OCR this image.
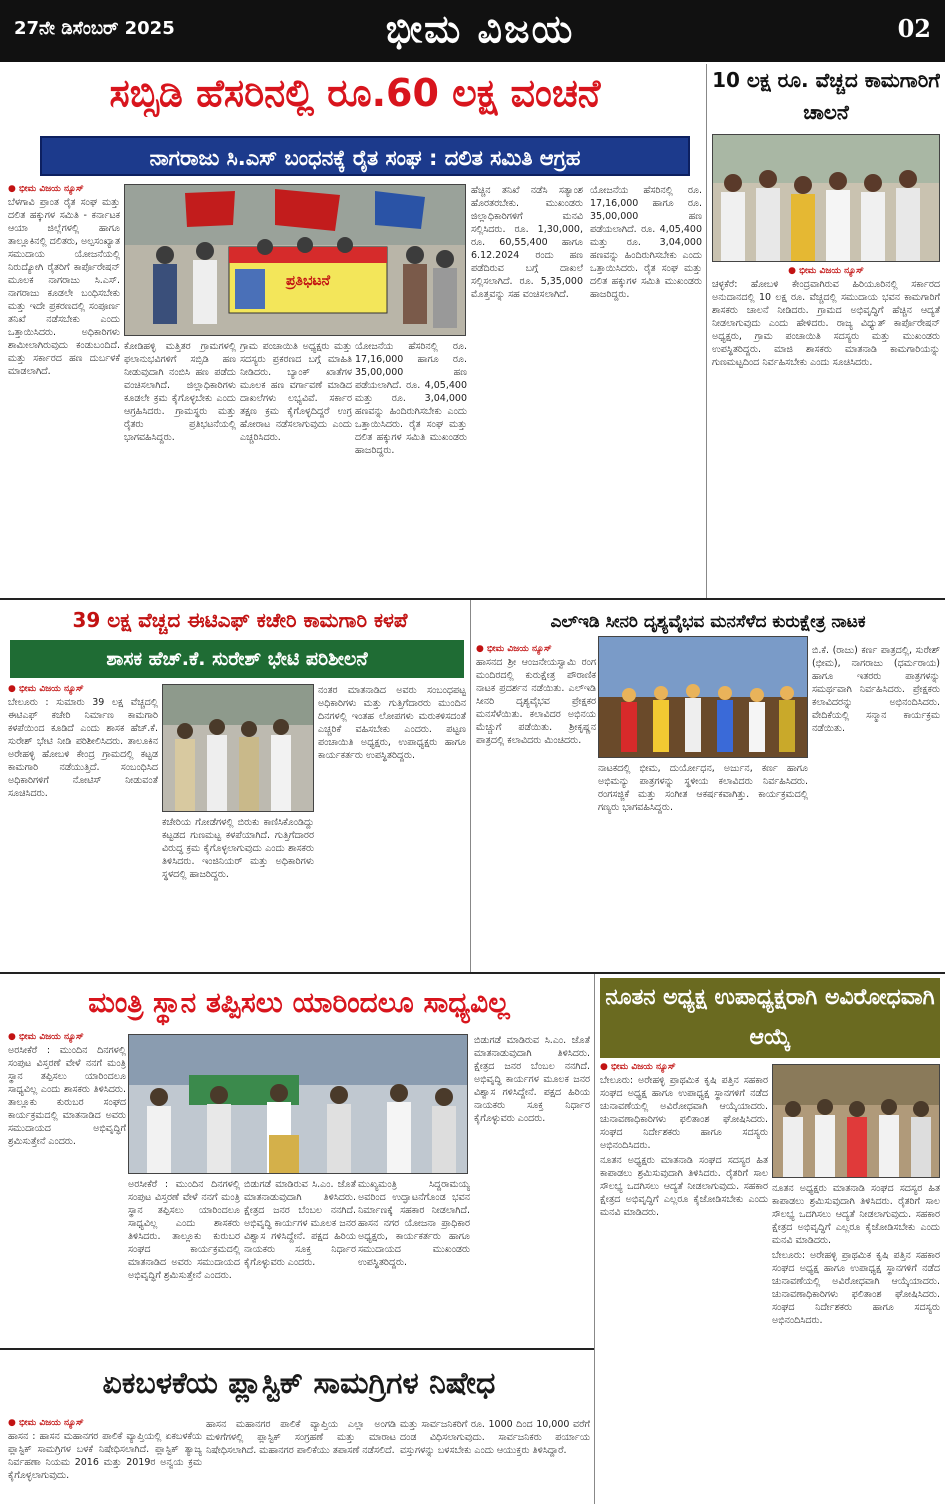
27ನೇ ಡಿಸೆಂಬರ್ 2025	ಭೀಮ ವಿಜಯ	02
ಸಬ್ಸಿಡಿ ಹೆಸರಿನಲ್ಲಿ ರೂ.60 ಲಕ್ಷ ವಂಚನೆ
ನಾಗರಾಜು ಸಿ.ಎಸ್ ಬಂಧನಕ್ಕೆ ರೈತ ಸಂಘ : ದಲಿತ ಸಮಿತಿ ಆಗ್ರಹ
● ಭೀಮ ವಿಜಯ ನ್ಯೂಸ್

ಬೆಳಗಾವಿ ಪ್ರಾಂತ ರೈತ ಸಂಘ ಮತ್ತು ದಲಿತ ಹಕ್ಕುಗಳ ಸಮಿತಿ - ಕರ್ನಾಟಕ ಆಯಾ ಜಿಲ್ಲೆಗಳಲ್ಲಿ ಹಾಗೂ ತಾಲ್ಲೂಕಿನಲ್ಲಿ ದಲಿತರು, ಅಲ್ಪಸಂಖ್ಯಾತ ಸಮುದಾಯ ಯೋಜನೆಯಲ್ಲಿ ನಿರುದ್ಯೋಗಿ ರೈತರಿಗೆ ಕಾರ್ಪೊರೇಷನ್ ಮೂಲಕ ನಾಗರಾಜು ಸಿ.ಎಸ್. ನಾಗರಾಜು ಕೂಡಲೇ ಬಂಧಿಸಬೇಕು ಮತ್ತು ಇದೇ ಪ್ರಕರಣದಲ್ಲಿ ಸಂಪೂರ್ಣ ತನಿಖೆ ನಡೆಸಬೇಕು ಎಂದು ಒತ್ತಾಯಿಸಿದರು. ಅಧಿಕಾರಿಗಳು ಶಾಮೀಲಾಗಿರುವುದು ಕಂಡುಬಂದಿದೆ. ಮತ್ತು ಸರ್ಕಾರದ ಹಣ ದುರ್ಬಳಕೆ ಮಾಡಲಾಗಿದೆ.

ಪ್ರತಿಭಟನೆ

ಕೋಡಿಹಳ್ಳಿ ಮತ್ತಿತರ ಗ್ರಾಮಗಳಲ್ಲಿ ಫಲಾನುಭವಿಗಳಿಗೆ ಸಬ್ಸಿಡಿ ಹಣ ನೀಡುವುದಾಗಿ ನಂಬಿಸಿ ಹಣ ಪಡೆದು ವಂಚಿಸಲಾಗಿದೆ. ಜಿಲ್ಲಾಧಿಕಾರಿಗಳು ಕೂಡಲೇ ಕ್ರಮ ಕೈಗೊಳ್ಳಬೇಕು ಎಂದು ಆಗ್ರಹಿಸಿದರು. ಗ್ರಾಮಸ್ಥರು ಮತ್ತು ರೈತರು ಪ್ರತಿಭಟನೆಯಲ್ಲಿ ಭಾಗವಹಿಸಿದ್ದರು.

ಗ್ರಾಮ ಪಂಚಾಯಿತಿ ಅಧ್ಯಕ್ಷರು ಮತ್ತು ಸದಸ್ಯರು ಪ್ರಕರಣದ ಬಗ್ಗೆ ಮಾಹಿತಿ ನೀಡಿದರು. ಬ್ಯಾಂಕ್ ಖಾತೆಗಳ ಮೂಲಕ ಹಣ ವರ್ಗಾವಣೆ ಮಾಡಿದ ದಾಖಲೆಗಳು ಲಭ್ಯವಿವೆ. ಸರ್ಕಾರ ತಕ್ಷಣ ಕ್ರಮ ಕೈಗೊಳ್ಳದಿದ್ದರೆ ಉಗ್ರ ಹೋರಾಟ ನಡೆಸಲಾಗುವುದು ಎಂದು ಎಚ್ಚರಿಸಿದರು.

ಯೋಜನೆಯ ಹೆಸರಿನಲ್ಲಿ ರೂ. 17,16,000 ಹಾಗೂ ರೂ. 35,00,000 ಹಣ ಪಡೆಯಲಾಗಿದೆ. ರೂ. 4,05,400 ಮತ್ತು ರೂ. 3,04,000 ಹಣವನ್ನು ಹಿಂದಿರುಗಿಸಬೇಕು ಎಂದು ಒತ್ತಾಯಿಸಿದರು. ರೈತ ಸಂಘ ಮತ್ತು ದಲಿತ ಹಕ್ಕುಗಳ ಸಮಿತಿ ಮುಖಂಡರು ಹಾಜರಿದ್ದರು.

ಹೆಚ್ಚಿನ ತನಿಖೆ ನಡೆಸಿ ಸತ್ಯಾಂಶ ಹೊರತರಬೇಕು. ಮುಖಂಡರು ಜಿಲ್ಲಾಧಿಕಾರಿಗಳಿಗೆ ಮನವಿ ಸಲ್ಲಿಸಿದರು. ರೂ. 1,30,000, ರೂ. 60,55,400 ಹಾಗೂ 6.12.2024 ರಂದು ಹಣ ಪಡೆದಿರುವ ಬಗ್ಗೆ ದಾಖಲೆ ಸಲ್ಲಿಸಲಾಗಿದೆ. ರೂ. 5,35,000 ಮೊತ್ತವನ್ನು ಸಹ ವಂಚಿಸಲಾಗಿದೆ.

ಯೋಜನೆಯ ಹೆಸರಿನಲ್ಲಿ ರೂ. 17,16,000 ಹಾಗೂ ರೂ. 35,00,000 ಹಣ ಪಡೆಯಲಾಗಿದೆ. ರೂ. 4,05,400 ಮತ್ತು ರೂ. 3,04,000 ಹಣವನ್ನು ಹಿಂದಿರುಗಿಸಬೇಕು ಎಂದು ಒತ್ತಾಯಿಸಿದರು. ರೈತ ಸಂಘ ಮತ್ತು ದಲಿತ ಹಕ್ಕುಗಳ ಸಮಿತಿ ಮುಖಂಡರು ಹಾಜರಿದ್ದರು.

10 ಲಕ್ಷ ರೂ. ವೆಚ್ಚದ ಕಾಮಗಾರಿಗೆ ಚಾಲನೆ
● ಭೀಮ ವಿಜಯ ನ್ಯೂಸ್

ಚಳ್ಳಕೆರೆ: ಹೋಬಳಿ ಕೇಂದ್ರವಾಗಿರುವ ಹಿರಿಯೂರಿನಲ್ಲಿ ಸರ್ಕಾರದ ಅನುದಾನದಲ್ಲಿ 10 ಲಕ್ಷ ರೂ. ವೆಚ್ಚದಲ್ಲಿ ಸಮುದಾಯ ಭವನ ಕಾಮಗಾರಿಗೆ ಶಾಸಕರು ಚಾಲನೆ ನೀಡಿದರು. ಗ್ರಾಮದ ಅಭಿವೃದ್ಧಿಗೆ ಹೆಚ್ಚಿನ ಆದ್ಯತೆ ನೀಡಲಾಗುವುದು ಎಂದು ಹೇಳಿದರು. ರಾಜ್ಯ ವಿಧ್ಯುತ್ ಕಾರ್ಪೊರೇಷನ್ ಅಧ್ಯಕ್ಷರು, ಗ್ರಾಮ ಪಂಚಾಯಿತಿ ಸದಸ್ಯರು ಮತ್ತು ಮುಖಂಡರು ಉಪಸ್ಥಿತರಿದ್ದರು. ಮಾಜಿ ಶಾಸಕರು ಮಾತನಾಡಿ ಕಾಮಗಾರಿಯನ್ನು ಗುಣಮಟ್ಟದಿಂದ ನಿರ್ವಹಿಸಬೇಕು ಎಂದು ಸೂಚಿಸಿದರು.

39 ಲಕ್ಷ ವೆಚ್ಚದ ಈಟಿಎಫ್ ಕಚೇರಿ ಕಾಮಗಾರಿ ಕಳಪೆ
ಶಾಸಕ ಹೆಚ್.ಕೆ. ಸುರೇಶ್ ಭೇಟಿ ಪರಿಶೀಲನೆ
● ಭೀಮ ವಿಜಯ ನ್ಯೂಸ್

ಬೇಲೂರು : ಸುಮಾರು 39 ಲಕ್ಷ ವೆಚ್ಚದಲ್ಲಿ ಈಟಿಎಫ್ ಕಚೇರಿ ನಿರ್ಮಾಣ ಕಾಮಗಾರಿ ಕಳಪೆಯಿಂದ ಕೂಡಿದೆ ಎಂದು ಶಾಸಕ ಹೆಚ್.ಕೆ. ಸುರೇಶ್ ಭೇಟಿ ನೀಡಿ ಪರಿಶೀಲಿಸಿದರು. ತಾಲೂಕಿನ ಅರೇಹಳ್ಳಿ ಹೋಬಳಿ ಕೇಂದ್ರ ಗ್ರಾಮದಲ್ಲಿ ಕಟ್ಟಡ ಕಾಮಗಾರಿ ನಡೆಯುತ್ತಿದೆ. ಸಂಬಂಧಿಸಿದ ಅಧಿಕಾರಿಗಳಿಗೆ ನೋಟಿಸ್ ನೀಡುವಂತೆ ಸೂಚಿಸಿದರು.

ಕಚೇರಿಯ ಗೋಡೆಗಳಲ್ಲಿ ಬಿರುಕು ಕಾಣಿಸಿಕೊಂಡಿದ್ದು ಕಟ್ಟಡದ ಗುಣಮಟ್ಟ ಕಳಪೆಯಾಗಿದೆ. ಗುತ್ತಿಗೆದಾರರ ವಿರುದ್ಧ ಕ್ರಮ ಕೈಗೊಳ್ಳಲಾಗುವುದು ಎಂದು ಶಾಸಕರು ತಿಳಿಸಿದರು. ಇಂಜಿನಿಯರ್ ಮತ್ತು ಅಧಿಕಾರಿಗಳು ಸ್ಥಳದಲ್ಲಿ ಹಾಜರಿದ್ದರು.

ನಂತರ ಮಾತನಾಡಿದ ಅವರು ಸಂಬಂಧಪಟ್ಟ ಅಧಿಕಾರಿಗಳು ಮತ್ತು ಗುತ್ತಿಗೆದಾರರು ಮುಂದಿನ ದಿನಗಳಲ್ಲಿ ಇಂತಹ ಲೋಪಗಳು ಮರುಕಳಿಸದಂತೆ ಎಚ್ಚರಿಕೆ ವಹಿಸಬೇಕು ಎಂದರು. ಪಟ್ಟಣ ಪಂಚಾಯಿತಿ ಅಧ್ಯಕ್ಷರು, ಉಪಾಧ್ಯಕ್ಷರು ಹಾಗೂ ಕಾರ್ಯಕರ್ತರು ಉಪಸ್ಥಿತರಿದ್ದರು.

ಎಲ್ಇಡಿ ಸೀನರಿ ದೃಶ್ಯವೈಭವ ಮನಸೆಳೆದ ಕುರುಕ್ಷೇತ್ರ ನಾಟಕ
● ಭೀಮ ವಿಜಯ ನ್ಯೂಸ್

ಹಾಸನದ ಶ್ರೀ ಆಂಜನೇಯಸ್ವಾಮಿ ರಂಗ ಮಂದಿರದಲ್ಲಿ ಕುರುಕ್ಷೇತ್ರ ಪೌರಾಣಿಕ ನಾಟಕ ಪ್ರದರ್ಶನ ನಡೆಯಿತು. ಎಲ್ಇಡಿ ಸೀನರಿ ದೃಶ್ಯವೈಭವ ಪ್ರೇಕ್ಷಕರ ಮನಸೆಳೆಯಿತು. ಕಲಾವಿದರ ಅಭಿನಯ ಮೆಚ್ಚುಗೆ ಪಡೆಯಿತು. ಶ್ರೀಕೃಷ್ಣನ ಪಾತ್ರದಲ್ಲಿ ಕಲಾವಿದರು ಮಿಂಚಿದರು.

ನಾಟಕದಲ್ಲಿ ಭೀಮ, ದುರ್ಯೋಧನ, ಅರ್ಜುನ, ಕರ್ಣ ಹಾಗೂ ಅಭಿಮನ್ಯು ಪಾತ್ರಗಳನ್ನು ಸ್ಥಳೀಯ ಕಲಾವಿದರು ನಿರ್ವಹಿಸಿದರು. ರಂಗಸಜ್ಜಿಕೆ ಮತ್ತು ಸಂಗೀತ ಆಕರ್ಷಕವಾಗಿತ್ತು. ಕಾರ್ಯಕ್ರಮದಲ್ಲಿ ಗಣ್ಯರು ಭಾಗವಹಿಸಿದ್ದರು.

ಬಿ.ಕೆ. (ರಾಜು) ಕರ್ಣ ಪಾತ್ರದಲ್ಲಿ, ಸುರೇಶ್ (ಭೀಮ), ನಾಗರಾಜು (ಧರ್ಮರಾಯ) ಹಾಗೂ ಇತರರು ಪಾತ್ರಗಳನ್ನು ಸಮರ್ಥವಾಗಿ ನಿರ್ವಹಿಸಿದರು. ಪ್ರೇಕ್ಷಕರು ಕಲಾವಿದರನ್ನು ಅಭಿನಂದಿಸಿದರು. ವೇದಿಕೆಯಲ್ಲಿ ಸನ್ಮಾನ ಕಾರ್ಯಕ್ರಮ ನಡೆಯಿತು.

ಮಂತ್ರಿ ಸ್ಥಾನ ತಪ್ಪಿಸಲು ಯಾರಿಂದಲೂ ಸಾಧ್ಯವಿಲ್ಲ
● ಭೀಮ ವಿಜಯ ನ್ಯೂಸ್

ಅರಸೀಕೆರೆ : ಮುಂದಿನ ದಿನಗಳಲ್ಲಿ ಸಂಪುಟ ವಿಸ್ತರಣೆ ವೇಳೆ ನನಗೆ ಮಂತ್ರಿ ಸ್ಥಾನ ತಪ್ಪಿಸಲು ಯಾರಿಂದಲೂ ಸಾಧ್ಯವಿಲ್ಲ ಎಂದು ಶಾಸಕರು ತಿಳಿಸಿದರು. ತಾಲ್ಲೂಕು ಕುರುಬರ ಸಂಘದ ಕಾರ್ಯಕ್ರಮದಲ್ಲಿ ಮಾತನಾಡಿದ ಅವರು ಸಮುದಾಯದ ಅಭಿವೃದ್ಧಿಗೆ ಶ್ರಮಿಸುತ್ತೇನೆ ಎಂದರು.

ಅರಸೀಕೆರೆ : ಮುಂದಿನ ದಿನಗಳಲ್ಲಿ ಸಂಪುಟ ವಿಸ್ತರಣೆ ವೇಳೆ ನನಗೆ ಮಂತ್ರಿ ಸ್ಥಾನ ತಪ್ಪಿಸಲು ಯಾರಿಂದಲೂ ಸಾಧ್ಯವಿಲ್ಲ ಎಂದು ಶಾಸಕರು ತಿಳಿಸಿದರು. ತಾಲ್ಲೂಕು ಕುರುಬರ ಸಂಘದ ಕಾರ್ಯಕ್ರಮದಲ್ಲಿ ಮಾತನಾಡಿದ ಅವರು ಸಮುದಾಯದ ಅಭಿವೃದ್ಧಿಗೆ ಶ್ರಮಿಸುತ್ತೇನೆ ಎಂದರು.

ಬಿಡುಗಡೆ ಮಾಡಿರುವ ಸಿ.ಎಂ. ಜೊತೆ ಮಾತನಾಡುವುದಾಗಿ ತಿಳಿಸಿದರು. ಕ್ಷೇತ್ರದ ಜನರ ಬೆಂಬಲ ನನಗಿದೆ. ಅಭಿವೃದ್ಧಿ ಕಾರ್ಯಗಳ ಮೂಲಕ ಜನರ ವಿಶ್ವಾಸ ಗಳಿಸಿದ್ದೇನೆ. ಪಕ್ಷದ ಹಿರಿಯ ನಾಯಕರು ಸೂಕ್ತ ನಿರ್ಧಾರ ಕೈಗೊಳ್ಳುವರು ಎಂದರು.

ಮುಖ್ಯಮಂತ್ರಿ ಸಿದ್ದರಾಮಯ್ಯ ಅವರಿಂದ ಉದ್ಘಾಟನೆಗೊಂಡ ಭವನ ನಿರ್ಮಾಣಕ್ಕೆ ಸಹಕಾರ ನೀಡಲಾಗಿದೆ. ಹಾಸನ ನಗರ ಯೋಜನಾ ಪ್ರಾಧಿಕಾರ ಅಧ್ಯಕ್ಷರು, ಕಾರ್ಯಕರ್ತರು ಹಾಗೂ ಸಮುದಾಯದ ಮುಖಂಡರು ಉಪಸ್ಥಿತರಿದ್ದರು.

ಬಿಡುಗಡೆ ಮಾಡಿರುವ ಸಿ.ಎಂ. ಜೊತೆ ಮಾತನಾಡುವುದಾಗಿ ತಿಳಿಸಿದರು. ಕ್ಷೇತ್ರದ ಜನರ ಬೆಂಬಲ ನನಗಿದೆ. ಅಭಿವೃದ್ಧಿ ಕಾರ್ಯಗಳ ಮೂಲಕ ಜನರ ವಿಶ್ವಾಸ ಗಳಿಸಿದ್ದೇನೆ. ಪಕ್ಷದ ಹಿರಿಯ ನಾಯಕರು ಸೂಕ್ತ ನಿರ್ಧಾರ ಕೈಗೊಳ್ಳುವರು ಎಂದರು.

ನೂತನ ಅಧ್ಯಕ್ಷ ಉಪಾಧ್ಯಕ್ಷರಾಗಿ ಅವಿರೋಧವಾಗಿ ಆಯ್ಕೆ
● ಭೀಮ ವಿಜಯ ನ್ಯೂಸ್

ಬೇಲೂರು: ಅರೇಹಳ್ಳಿ ಪ್ರಾಥಮಿಕ ಕೃಷಿ ಪತ್ತಿನ ಸಹಕಾರ ಸಂಘದ ಅಧ್ಯಕ್ಷ ಹಾಗೂ ಉಪಾಧ್ಯಕ್ಷ ಸ್ಥಾನಗಳಿಗೆ ನಡೆದ ಚುನಾವಣೆಯಲ್ಲಿ ಅವಿರೋಧವಾಗಿ ಆಯ್ಕೆಯಾದರು. ಚುನಾವಣಾಧಿಕಾರಿಗಳು ಫಲಿತಾಂಶ ಘೋಷಿಸಿದರು. ಸಂಘದ ನಿರ್ದೇಶಕರು ಹಾಗೂ ಸದಸ್ಯರು ಅಭಿನಂದಿಸಿದರು.

ನೂತನ ಅಧ್ಯಕ್ಷರು ಮಾತನಾಡಿ ಸಂಘದ ಸದಸ್ಯರ ಹಿತ ಕಾಪಾಡಲು ಶ್ರಮಿಸುವುದಾಗಿ ತಿಳಿಸಿದರು. ರೈತರಿಗೆ ಸಾಲ ಸೌಲಭ್ಯ ಒದಗಿಸಲು ಆದ್ಯತೆ ನೀಡಲಾಗುವುದು. ಸಹಕಾರ ಕ್ಷೇತ್ರದ ಅಭಿವೃದ್ಧಿಗೆ ಎಲ್ಲರೂ ಕೈಜೋಡಿಸಬೇಕು ಎಂದು ಮನವಿ ಮಾಡಿದರು.

ನೂತನ ಅಧ್ಯಕ್ಷರು ಮಾತನಾಡಿ ಸಂಘದ ಸದಸ್ಯರ ಹಿತ ಕಾಪಾಡಲು ಶ್ರಮಿಸುವುದಾಗಿ ತಿಳಿಸಿದರು. ರೈತರಿಗೆ ಸಾಲ ಸೌಲಭ್ಯ ಒದಗಿಸಲು ಆದ್ಯತೆ ನೀಡಲಾಗುವುದು. ಸಹಕಾರ ಕ್ಷೇತ್ರದ ಅಭಿವೃದ್ಧಿಗೆ ಎಲ್ಲರೂ ಕೈಜೋಡಿಸಬೇಕು ಎಂದು ಮನವಿ ಮಾಡಿದರು.

ಬೇಲೂರು: ಅರೇಹಳ್ಳಿ ಪ್ರಾಥಮಿಕ ಕೃಷಿ ಪತ್ತಿನ ಸಹಕಾರ ಸಂಘದ ಅಧ್ಯಕ್ಷ ಹಾಗೂ ಉಪಾಧ್ಯಕ್ಷ ಸ್ಥಾನಗಳಿಗೆ ನಡೆದ ಚುನಾವಣೆಯಲ್ಲಿ ಅವಿರೋಧವಾಗಿ ಆಯ್ಕೆಯಾದರು. ಚುನಾವಣಾಧಿಕಾರಿಗಳು ಫಲಿತಾಂಶ ಘೋಷಿಸಿದರು. ಸಂಘದ ನಿರ್ದೇಶಕರು ಹಾಗೂ ಸದಸ್ಯರು ಅಭಿನಂದಿಸಿದರು.

ಏಕಬಳಕೆಯ ಪ್ಲಾಸ್ಟಿಕ್ ಸಾಮಗ್ರಿಗಳ ನಿಷೇಧ
● ಭೀಮ ವಿಜಯ ನ್ಯೂಸ್

ಹಾಸನ : ಹಾಸನ ಮಹಾನಗರ ಪಾಲಿಕೆ ವ್ಯಾಪ್ತಿಯಲ್ಲಿ ಏಕಬಳಕೆಯ ಪ್ಲಾಸ್ಟಿಕ್ ಸಾಮಗ್ರಿಗಳ ಬಳಕೆ ನಿಷೇಧಿಸಲಾಗಿದೆ. ಪ್ಲಾಸ್ಟಿಕ್ ತ್ಯಾಜ್ಯ ನಿರ್ವಹಣಾ ನಿಯಮ 2016 ಮತ್ತು 2019ರ ಅನ್ವಯ ಕ್ರಮ ಕೈಗೊಳ್ಳಲಾಗುವುದು.

ಹಾಸನ ಮಹಾನಗರ ಪಾಲಿಕೆ ವ್ಯಾಪ್ತಿಯ ಎಲ್ಲಾ ಅಂಗಡಿ ಮಳಿಗೆಗಳಲ್ಲಿ ಪ್ಲಾಸ್ಟಿಕ್ ಸಂಗ್ರಹಣೆ ಮತ್ತು ಮಾರಾಟ ನಿಷೇಧಿಸಲಾಗಿದೆ. ಮಹಾನಗರ ಪಾಲಿಕೆಯು ತಪಾಸಣೆ ನಡೆಸಲಿದೆ.

ಮತ್ತು ಸಾರ್ವಜನಿಕರಿಗೆ ರೂ. 1000 ದಿಂದ 10,000 ವರೆಗೆ ದಂಡ ವಿಧಿಸಲಾಗುವುದು. ಸಾರ್ವಜನಿಕರು ಪರ್ಯಾಯ ವಸ್ತುಗಳನ್ನು ಬಳಸಬೇಕು ಎಂದು ಆಯುಕ್ತರು ತಿಳಿಸಿದ್ದಾರೆ.
